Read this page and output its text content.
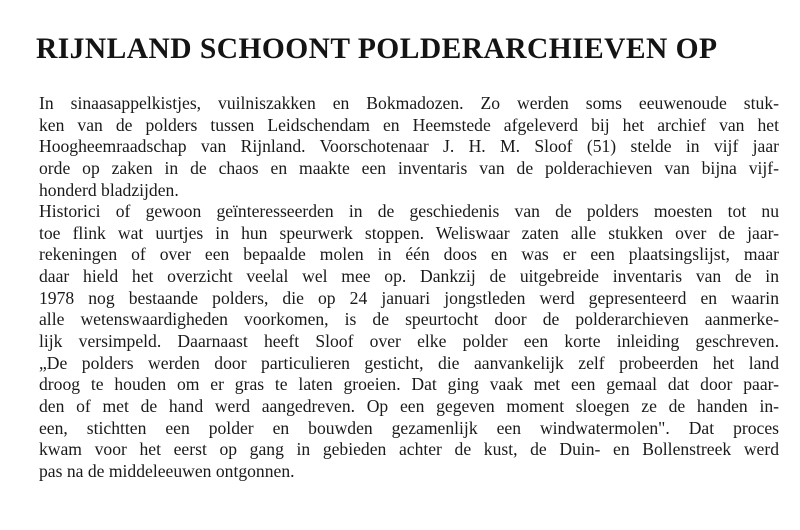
RIJNLAND SCHOONT POLDERARCHIEVEN OP
In sinaasappelkistjes, vuilniszakken en Bokmadozen. Zo werden soms eeuwenoude stuk-
ken van de polders tussen Leidschendam en Heemstede afgeleverd bij het archief van het
Hoogheemraadschap van Rijnland. Voorschotenaar J. H. M. Sloof (51) stelde in vijf jaar
orde op zaken in de chaos en maakte een inventaris van de polderachieven van bijna vijf-
honderd bladzijden.
Historici of gewoon geïnteresseerden in de geschiedenis van de polders moesten tot nu
toe flink wat uurtjes in hun speurwerk stoppen. Weliswaar zaten alle stukken over de jaar-
rekeningen of over een bepaalde molen in één doos en was er een plaatsingslijst, maar
daar hield het overzicht veelal wel mee op. Dankzij de uitgebreide inventaris van de in
1978 nog bestaande polders, die op 24 januari jongstleden werd gepresenteerd en waarin
alle wetenswaardigheden voorkomen, is de speurtocht door de polderarchieven aanmerke-
lijk versimpeld. Daarnaast heeft Sloof over elke polder een korte inleiding geschreven.
„De polders werden door particulieren gesticht, die aanvankelijk zelf probeerden het land
droog te houden om er gras te laten groeien. Dat ging vaak met een gemaal dat door paar-
den of met de hand werd aangedreven. Op een gegeven moment sloegen ze de handen in-
een, stichtten een polder en bouwden gezamenlijk een windwatermolen". Dat proces
kwam voor het eerst op gang in gebieden achter de kust, de Duin- en Bollenstreek werd
pas na de middeleeuwen ontgonnen.
